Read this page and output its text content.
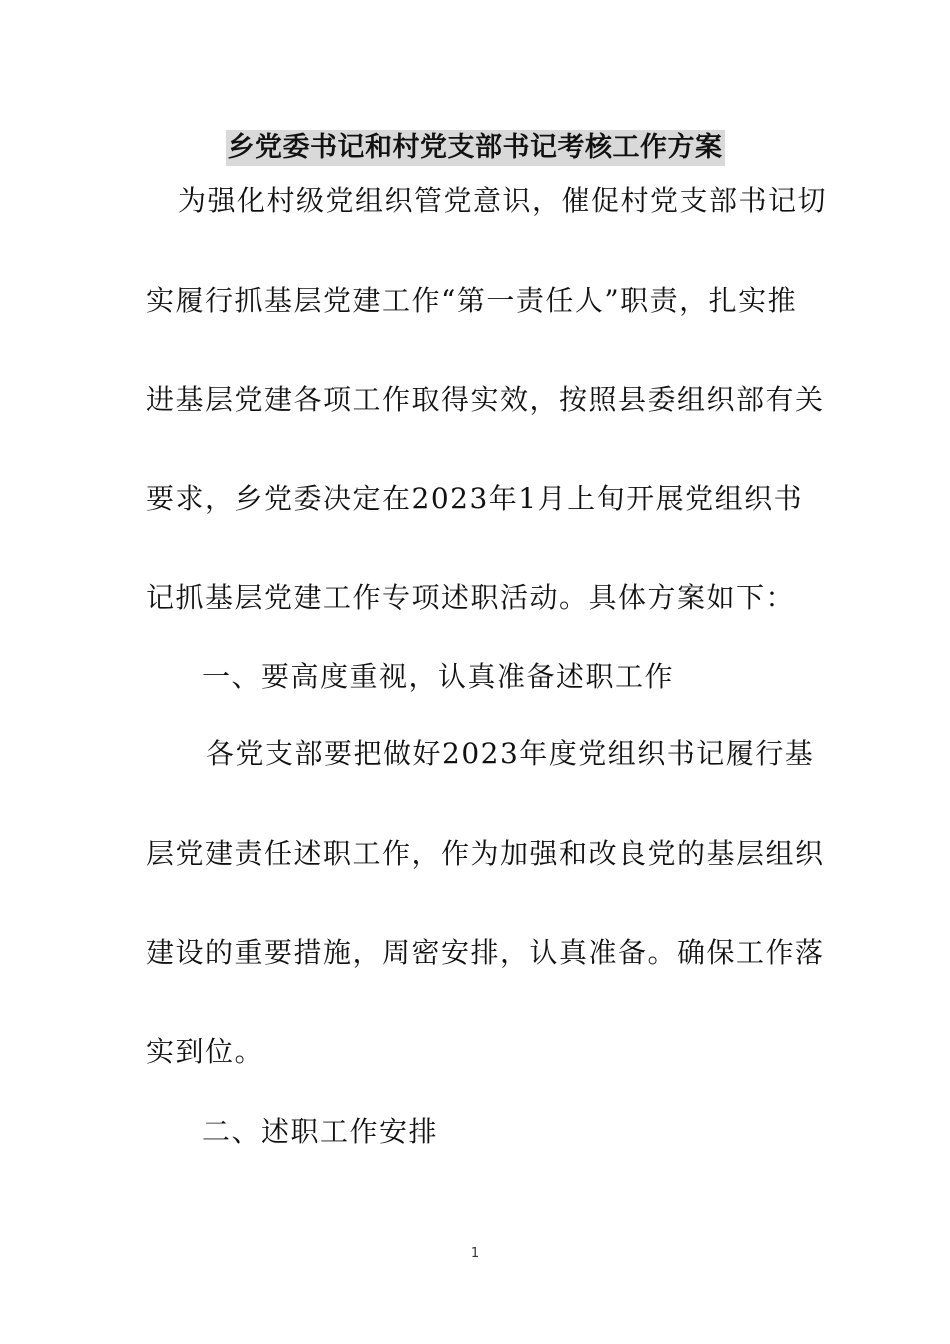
乡党委书记和村党支部书记考核工作方案
为强化村级党组织管党意识，催促村党支部书记切
实履行抓基层党建工作“第一责任人”职责，扎实推
进基层党建各项工作取得实效，按照县委组织部有关
要求，乡党委决定在2023年1月上旬开展党组织书
记抓基层党建工作专项述职活动。具体方案如下：
一、要高度重视，认真准备述职工作
各党支部要把做好2023年度党组织书记履行基
层党建责任述职工作，作为加强和改良党的基层组织
建设的重要措施，周密安排，认真准备。确保工作落
实到位。
二、述职工作安排
1
